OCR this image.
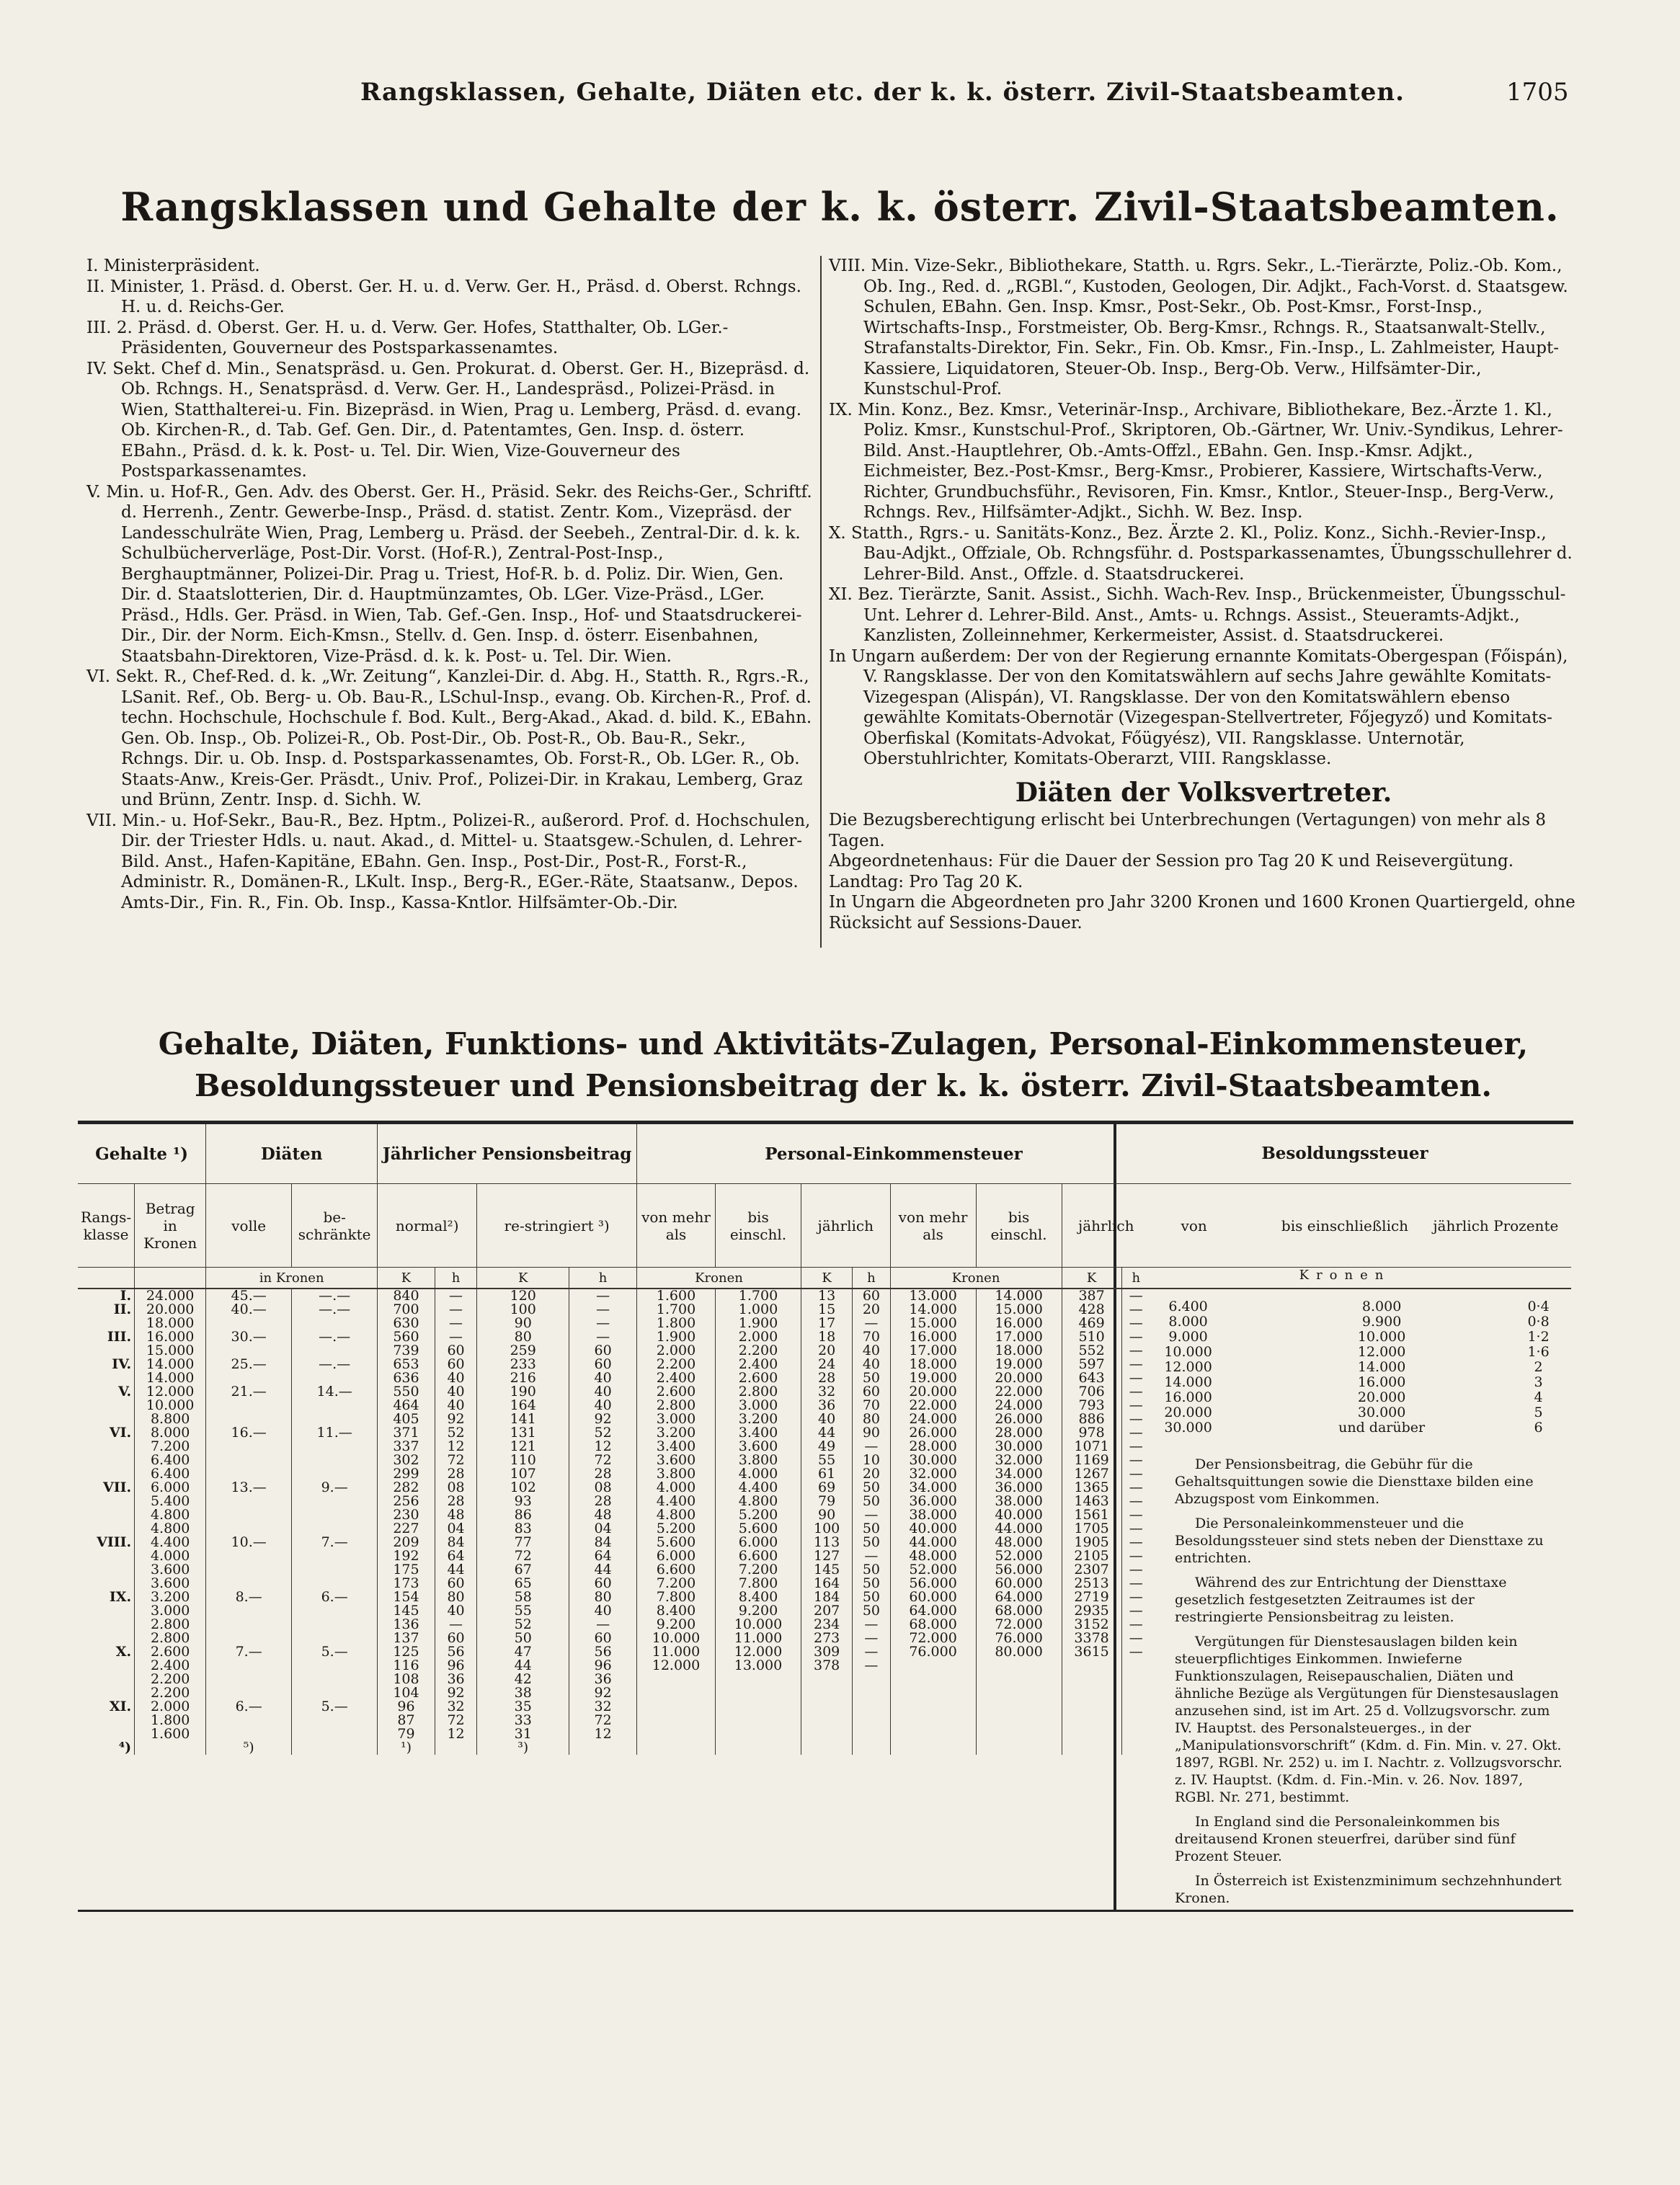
Rangsklassen, Gehalte, Diäten etc. der k. k. österr. Zivil-Staatsbeamten.	1705
Rangsklassen und Gehalte der k. k. österr. Zivil-Staatsbeamten.

I. Ministerpräsident.

II. Minister, 1. Präsd. d. Oberst. Ger. H. u. d. Verw. Ger. H., Präsd. d. Oberst. Rchngs. H. u. d. Reichs-Ger.

III. 2. Präsd. d. Oberst. Ger. H. u. d. Verw. Ger. Hofes, Statthalter, Ob. LGer.-Präsidenten, Gouverneur des Postsparkassenamtes.

IV. Sekt. Chef d. Min., Senatspräsd. u. Gen. Prokurat. d. Oberst. Ger. H., Bizepräsd. d. Ob. Rchngs. H., Senatspräsd. d. Verw. Ger. H., Landespräsd., Polizei-Präsd. in Wien, Statthalterei-u. Fin. Bizepräsd. in Wien, Prag u. Lemberg, Präsd. d. evang. Ob. Kirchen-R., d. Tab. Gef. Gen. Dir., d. Patentamtes, Gen. Insp. d. österr. EBahn., Präsd. d. k. k. Post- u. Tel. Dir. Wien, Vize-Gouverneur des Postsparkassenamtes.

V. Min. u. Hof-R., Gen. Adv. des Oberst. Ger. H., Präsid. Sekr. des Reichs-Ger., Schriftf. d. Herrenh., Zentr. Gewerbe-Insp., Präsd. d. statist. Zentr. Kom., Vizepräsd. der Landesschulräte Wien, Prag, Lemberg u. Präsd. der Seebeh., Zentral-Dir. d. k. k. Schulbücherverläge, Post-Dir. Vorst. (Hof-R.), Zentral-Post-Insp., Berghauptmänner, Polizei-Dir. Prag u. Triest, Hof-R. b. d. Poliz. Dir. Wien, Gen. Dir. d. Staatslotterien, Dir. d. Hauptmünzamtes, Ob. LGer. Vize-Präsd., LGer. Präsd., Hdls. Ger. Präsd. in Wien, Tab. Gef.-Gen. Insp., Hof- und Staatsdruckerei-Dir., Dir. der Norm. Eich-Kmsn., Stellv. d. Gen. Insp. d. österr. Eisenbahnen, Staatsbahn-Direktoren, Vize-Präsd. d. k. k. Post- u. Tel. Dir. Wien.

VI. Sekt. R., Chef-Red. d. k. „Wr. Zeitung“, Kanzlei-Dir. d. Abg. H., Statth. R., Rgrs.-R., LSanit. Ref., Ob. Berg- u. Ob. Bau-R., LSchul-Insp., evang. Ob. Kirchen-R., Prof. d. techn. Hochschule, Hochschule f. Bod. Kult., Berg-Akad., Akad. d. bild. K., EBahn. Gen. Ob. Insp., Ob. Polizei-R., Ob. Post-Dir., Ob. Post-R., Ob. Bau-R., Sekr., Rchngs. Dir. u. Ob. Insp. d. Postsparkassenamtes, Ob. Forst-R., Ob. LGer. R., Ob. Staats-Anw., Kreis-Ger. Präsdt., Univ. Prof., Polizei-Dir. in Krakau, Lemberg, Graz und Brünn, Zentr. Insp. d. Sichh. W.

VII. Min.- u. Hof-Sekr., Bau-R., Bez. Hptm., Polizei-R., außerord. Prof. d. Hochschulen, Dir. der Triester Hdls. u. naut. Akad., d. Mittel- u. Staatsgew.-Schulen, d. Lehrer-Bild. Anst., Hafen-Kapitäne, EBahn. Gen. Insp., Post-Dir., Post-R., Forst-R., Administr. R., Domänen-R., LKult. Insp., Berg-R., EGer.-Räte, Staatsanw., Depos. Amts-Dir., Fin. R., Fin. Ob. Insp., Kassa-Kntlor. Hilfsämter-Ob.-Dir.

VIII. Min. Vize-Sekr., Bibliothekare, Statth. u. Rgrs. Sekr., L.-Tierärzte, Poliz.-Ob. Kom., Ob. Ing., Red. d. „RGBl.“, Kustoden, Geologen, Dir. Adjkt., Fach-Vorst. d. Staatsgew. Schulen, EBahn. Gen. Insp. Kmsr., Post-Sekr., Ob. Post-Kmsr., Forst-Insp., Wirtschafts-Insp., Forstmeister, Ob. Berg-Kmsr., Rchngs. R., Staatsanwalt-Stellv., Strafanstalts-Direktor, Fin. Sekr., Fin. Ob. Kmsr., Fin.-Insp., L. Zahlmeister, Haupt-Kassiere, Liquidatoren, Steuer-Ob. Insp., Berg-Ob. Verw., Hilfsämter-Dir., Kunstschul-Prof.

IX. Min. Konz., Bez. Kmsr., Veterinär-Insp., Archivare, Bibliothekare, Bez.-Ärzte 1. Kl., Poliz. Kmsr., Kunstschul-Prof., Skriptoren, Ob.-Gärtner, Wr. Univ.-Syndikus, Lehrer-Bild. Anst.-Hauptlehrer, Ob.-Amts-Offzl., EBahn. Gen. Insp.-Kmsr. Adjkt., Eichmeister, Bez.-Post-Kmsr., Berg-Kmsr., Probierer, Kassiere, Wirtschafts-Verw., Richter, Grundbuchsführ., Revisoren, Fin. Kmsr., Kntlor., Steuer-Insp., Berg-Verw., Rchngs. Rev., Hilfsämter-Adjkt., Sichh. W. Bez. Insp.

X. Statth., Rgrs.- u. Sanitäts-Konz., Bez. Ärzte 2. Kl., Poliz. Konz., Sichh.-Revier-Insp., Bau-Adjkt., Offziale, Ob. Rchngsführ. d. Postsparkassenamtes, Übungsschullehrer d. Lehrer-Bild. Anst., Offzle. d. Staatsdruckerei.

XI. Bez. Tierärzte, Sanit. Assist., Sichh. Wach-Rev. Insp., Brückenmeister, Übungsschul-Unt. Lehrer d. Lehrer-Bild. Anst., Amts- u. Rchngs. Assist., Steueramts-Adjkt., Kanzlisten, Zolleinnehmer, Kerkermeister, Assist. d. Staatsdruckerei.

In Ungarn außerdem: Der von der Regierung ernannte Komitats-Obergespan (Főispán), V. Rangsklasse. Der von den Komitatswählern auf sechs Jahre gewählte Komitats-Vizegespan (Alispán), VI. Rangsklasse. Der von den Komitatswählern ebenso gewählte Komitats-Obernotär (Vizegespan-Stellvertreter, Főjegyző) und Komitats-Oberfiskal (Komitats-Advokat, Főügyész), VII. Rangsklasse. Unternotär, Oberstuhlrichter, Komitats-Oberarzt, VIII. Rangsklasse.

Diäten der Volksvertreter.

Die Bezugsberechtigung erlischt bei Unterbrechungen (Vertagungen) von mehr als 8 Tagen.

Abgeordnetenhaus: Für die Dauer der Session pro Tag 20 K und Reisevergütung.

Landtag: Pro Tag 20 K.

In Ungarn die Abgeordneten pro Jahr 3200 Kronen und 1600 Kronen Quartiergeld, ohne Rücksicht auf Sessions-Dauer.

Gehalte, Diäten, Funktions- und Aktivitäts-Zulagen, Personal-Einkommensteuer, Besoldungssteuer und Pensionsbeitrag der k. k. österr. Zivil-Staatsbeamten.
Gehalte ¹)		Diäten		Jährlicher Pensionsbeitrag				Personal-Einkommensteuer							
Rangs-klasse	Betrag in Kronen	volle	be-schränkte	normal²)		re-stringiert ³)		von mehr als	bis einschl.	jährlich		von mehr als	bis einschl.	jährlich	
		in Kronen		K	h	K	h	Kronen		K	h	Kronen		K	h
I.	24.000	45.—	—.—	840	—	120	—	1.600	1.700	13	60	13.000	14.000	387	—
II.	20.000	40.—	—.—	700	—	100	—	1.700	1.000	15	20	14.000	15.000	428	—
	18.000			630	—	90	—	1.800	1.900	17	—	15.000	16.000	469	—
III.	16.000	30.—	—.—	560	—	80	—	1.900	2.000	18	70	16.000	17.000	510	—
	15.000			739	60	259	60	2.000	2.200	20	40	17.000	18.000	552	—
IV.	14.000	25.—	—.—	653	60	233	60	2.200	2.400	24	40	18.000	19.000	597	—
	14.000			636	40	216	40	2.400	2.600	28	50	19.000	20.000	643	—
V.	12.000	21.—	14.—	550	40	190	40	2.600	2.800	32	60	20.000	22.000	706	—
	10.000			464	40	164	40	2.800	3.000	36	70	22.000	24.000	793	—
	8.800			405	92	141	92	3.000	3.200	40	80	24.000	26.000	886	—
VI.	8.000	16.—	11.—	371	52	131	52	3.200	3.400	44	90	26.000	28.000	978	—
	7.200			337	12	121	12	3.400	3.600	49	—	28.000	30.000	1071	—
	6.400			302	72	110	72	3.600	3.800	55	10	30.000	32.000	1169	—
	6.400			299	28	107	28	3.800	4.000	61	20	32.000	34.000	1267	—
VII.	6.000	13.—	9.—	282	08	102	08	4.000	4.400	69	50	34.000	36.000	1365	—
	5.400			256	28	93	28	4.400	4.800	79	50	36.000	38.000	1463	—
	4.800			230	48	86	48	4.800	5.200	90	—	38.000	40.000	1561	—
	4.800			227	04	83	04	5.200	5.600	100	50	40.000	44.000	1705	—
VIII.	4.400	10.—	7.—	209	84	77	84	5.600	6.000	113	50	44.000	48.000	1905	—
	4.000			192	64	72	64	6.000	6.600	127	—	48.000	52.000	2105	—
	3.600			175	44	67	44	6.600	7.200	145	50	52.000	56.000	2307	—
	3.600			173	60	65	60	7.200	7.800	164	50	56.000	60.000	2513	—
IX.	3.200	8.—	6.—	154	80	58	80	7.800	8.400	184	50	60.000	64.000	2719	—
	3.000			145	40	55	40	8.400	9.200	207	50	64.000	68.000	2935	—
	2.800			136	—	52	—	9.200	10.000	234	—	68.000	72.000	3152	—
	2.800			137	60	50	60	10.000	11.000	273	—	72.000	76.000	3378	—
X.	2.600	7.—	5.—	125	56	47	56	11.000	12.000	309	—	76.000	80.000	3615	—
	2.400			116	96	44	96	12.000	13.000	378	—				
	2.200			108	36	42	36								
	2.200			104	92	38	92								
XI.	2.000	6.—	5.—	96	32	35	32								
	1.800			87	72	33	72								
	1.600			79	12	31	12								
⁴)		⁵)		¹)		³)									
Besoldungssteuer
von	bis einschließlich	jährlich Prozente
Kronen
6.400	8.000	0·4
8.000	9.900	0·8
9.000	10.000	1·2
10.000	12.000	1·6
12.000	14.000	2
14.000	16.000	3
16.000	20.000	4
20.000	30.000	5
30.000	und darüber	6

Der Pensionsbeitrag, die Gebühr für die Gehaltsquittungen sowie die Diensttaxe bilden eine Abzugspost vom Einkommen.

Die Personaleinkommensteuer und die Besoldungssteuer sind stets neben der Diensttaxe zu entrichten.

Während des zur Entrichtung der Diensttaxe gesetzlich festgesetzten Zeitraumes ist der restringierte Pensionsbeitrag zu leisten.

Vergütungen für Dienstesauslagen bilden kein steuerpflichtiges Einkommen. Inwieferne Funktionszulagen, Reisepauschalien, Diäten und ähnliche Bezüge als Vergütungen für Dienstesauslagen anzusehen sind, ist im Art. 25 d. Vollzugsvorschr. zum IV. Hauptst. des Personalsteuerges., in der „Manipulationsvorschrift“ (Kdm. d. Fin. Min. v. 27. Okt. 1897, RGBl. Nr. 252) u. im I. Nachtr. z. Vollzugsvorschr. z. IV. Hauptst. (Kdm. d. Fin.-Min. v. 26. Nov. 1897, RGBl. Nr. 271, bestimmt.

In England sind die Personaleinkommen bis dreitausend Kronen steuerfrei, darüber sind fünf Prozent Steuer.

In Österreich ist Existenzminimum sechzehnhundert Kronen.
